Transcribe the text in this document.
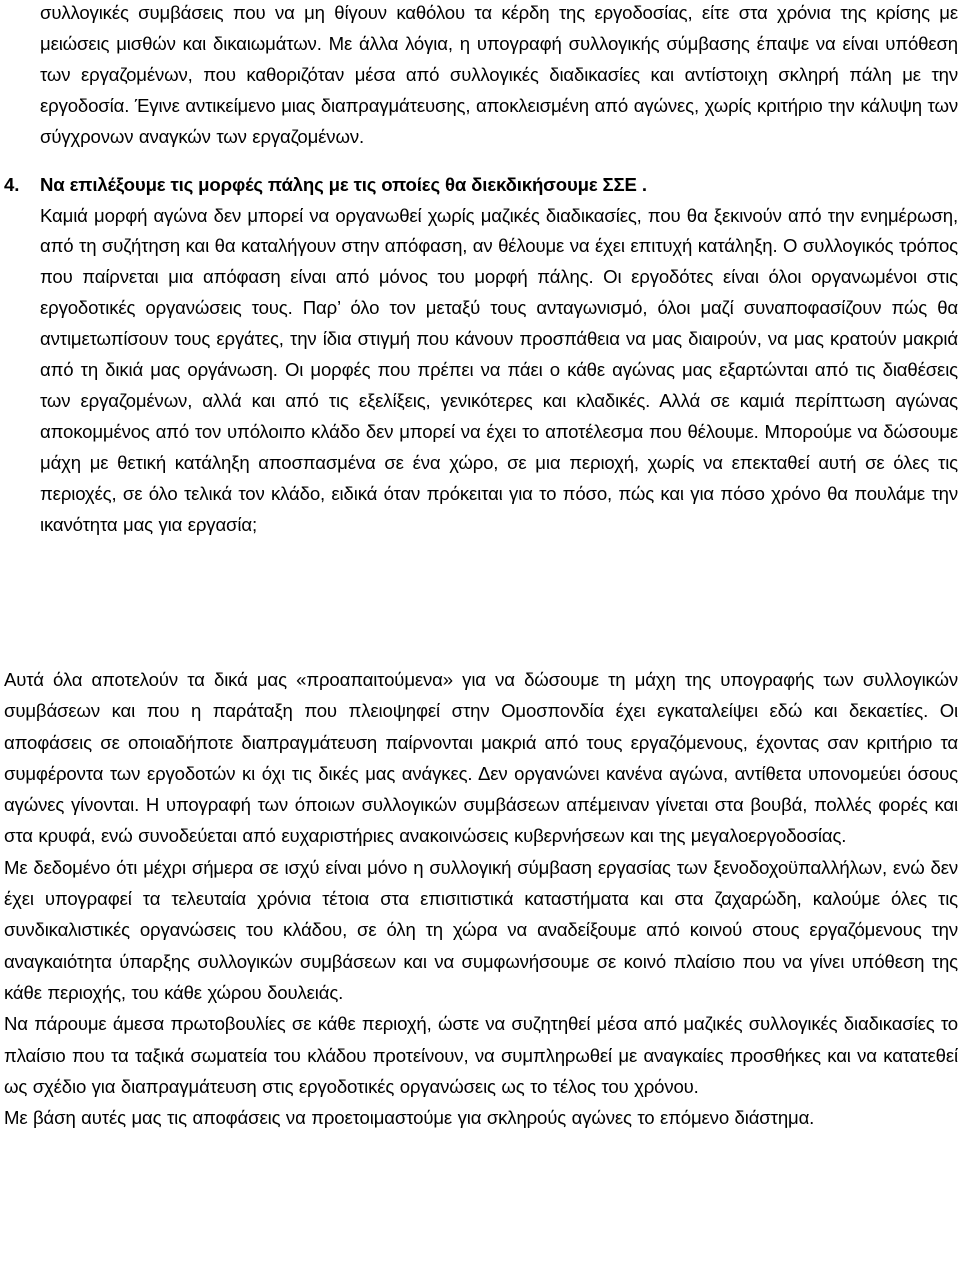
συλλογικές συμβάσεις που να μη θίγουν καθόλου τα κέρδη της εργοδοσίας, είτε στα χρόνια της κρίσης με μειώσεις μισθών και δικαιωμάτων. Με άλλα λόγια, η υπογραφή συλλογικής σύμβασης έπαψε να είναι υπόθεση των εργαζομένων, που καθοριζόταν μέσα από συλλογικές διαδικασίες και αντίστοιχη σκληρή πάλη με την εργοδοσία. Έγινε αντικείμενο μιας διαπραγμάτευσης, αποκλεισμένη από αγώνες, χωρίς κριτήριο την κάλυψη των σύγχρονων αναγκών των εργαζομένων.

4. Να επιλέξουμε τις μορφές πάλης με τις οποίες θα διεκδικήσουμε ΣΣΕ .

Καμιά μορφή αγώνα δεν μπορεί να οργανωθεί χωρίς μαζικές διαδικασίες, που θα ξεκινούν από την ενημέρωση, από τη συζήτηση και θα καταλήγουν στην απόφαση, αν θέλουμε να έχει επιτυχή κατάληξη. Ο συλλογικός τρόπος που παίρνεται μια απόφαση είναι από μόνος του μορφή πάλης. Οι εργοδότες είναι όλοι οργανωμένοι στις εργοδοτικές οργανώσεις τους. Παρ’ όλο τον μεταξύ τους ανταγωνισμό, όλοι μαζί συναποφασίζουν πώς θα αντιμετωπίσουν τους εργάτες, την ίδια στιγμή που κάνουν προσπάθεια να μας διαιρούν, να μας κρατούν μακριά από τη δικιά μας οργάνωση. Οι μορφές που πρέπει να πάει ο κάθε αγώνας μας εξαρτώνται από τις διαθέσεις των εργαζομένων, αλλά και από τις εξελίξεις, γενικότερες και κλαδικές. Αλλά σε καμιά περίπτωση αγώνας αποκομμένος από τον υπόλοιπο κλάδο δεν μπορεί να έχει το αποτέλεσμα που θέλουμε. Μπορούμε να δώσουμε μάχη με θετική κατάληξη αποσπασμένα σε ένα χώρο, σε μια περιοχή, χωρίς να επεκταθεί αυτή σε όλες τις περιοχές, σε όλο τελικά τον κλάδο, ειδικά όταν πρόκειται για το πόσο, πώς και για πόσο χρόνο θα πουλάμε την ικανότητα μας για εργασία;

Αυτά όλα αποτελούν τα δικά μας «προαπαιτούμενα» για να δώσουμε τη μάχη της υπογραφής των συλλογικών συμβάσεων και που η παράταξη που πλειοψηφεί στην Ομοσπονδία έχει εγκαταλείψει εδώ και δεκαετίες. Οι αποφάσεις σε οποιαδήποτε διαπραγμάτευση παίρνονται μακριά από τους εργαζόμενους, έχοντας σαν κριτήριο τα συμφέροντα των εργοδοτών κι όχι τις δικές μας ανάγκες. Δεν οργανώνει κανένα αγώνα, αντίθετα υπονομεύει όσους αγώνες γίνονται. Η υπογραφή των όποιων συλλογικών συμβάσεων απέμειναν γίνεται στα βουβά, πολλές φορές και στα κρυφά, ενώ συνοδεύεται από ευχαριστήριες ανακοινώσεις κυβερνήσεων και της μεγαλοεργοδοσίας.

Με δεδομένο ότι μέχρι σήμερα σε ισχύ είναι μόνο η συλλογική σύμβαση εργασίας των ξενοδοχοϋπαλλήλων, ενώ δεν έχει υπογραφεί τα τελευταία χρόνια τέτοια στα επισιτιστικά καταστήματα και στα ζαχαρώδη, καλούμε όλες τις συνδικαλιστικές οργανώσεις του κλάδου, σε όλη τη χώρα να αναδείξουμε από κοινού στους εργαζόμενους την αναγκαιότητα ύπαρξης συλλογικών συμβάσεων και να συμφωνήσουμε σε κοινό πλαίσιο που να γίνει υπόθεση της κάθε περιοχής, του κάθε χώρου δουλειάς.

Να πάρουμε άμεσα πρωτοβουλίες σε κάθε περιοχή, ώστε να συζητηθεί μέσα από μαζικές συλλογικές διαδικασίες το πλαίσιο που τα ταξικά σωματεία του κλάδου προτείνουν, να συμπληρωθεί με αναγκαίες προσθήκες και να κατατεθεί ως σχέδιο για διαπραγμάτευση στις εργοδοτικές οργανώσεις ως το τέλος του χρόνου.

Με βάση αυτές μας τις αποφάσεις να προετοιμαστούμε για σκληρούς αγώνες το επόμενο διάστημα.
